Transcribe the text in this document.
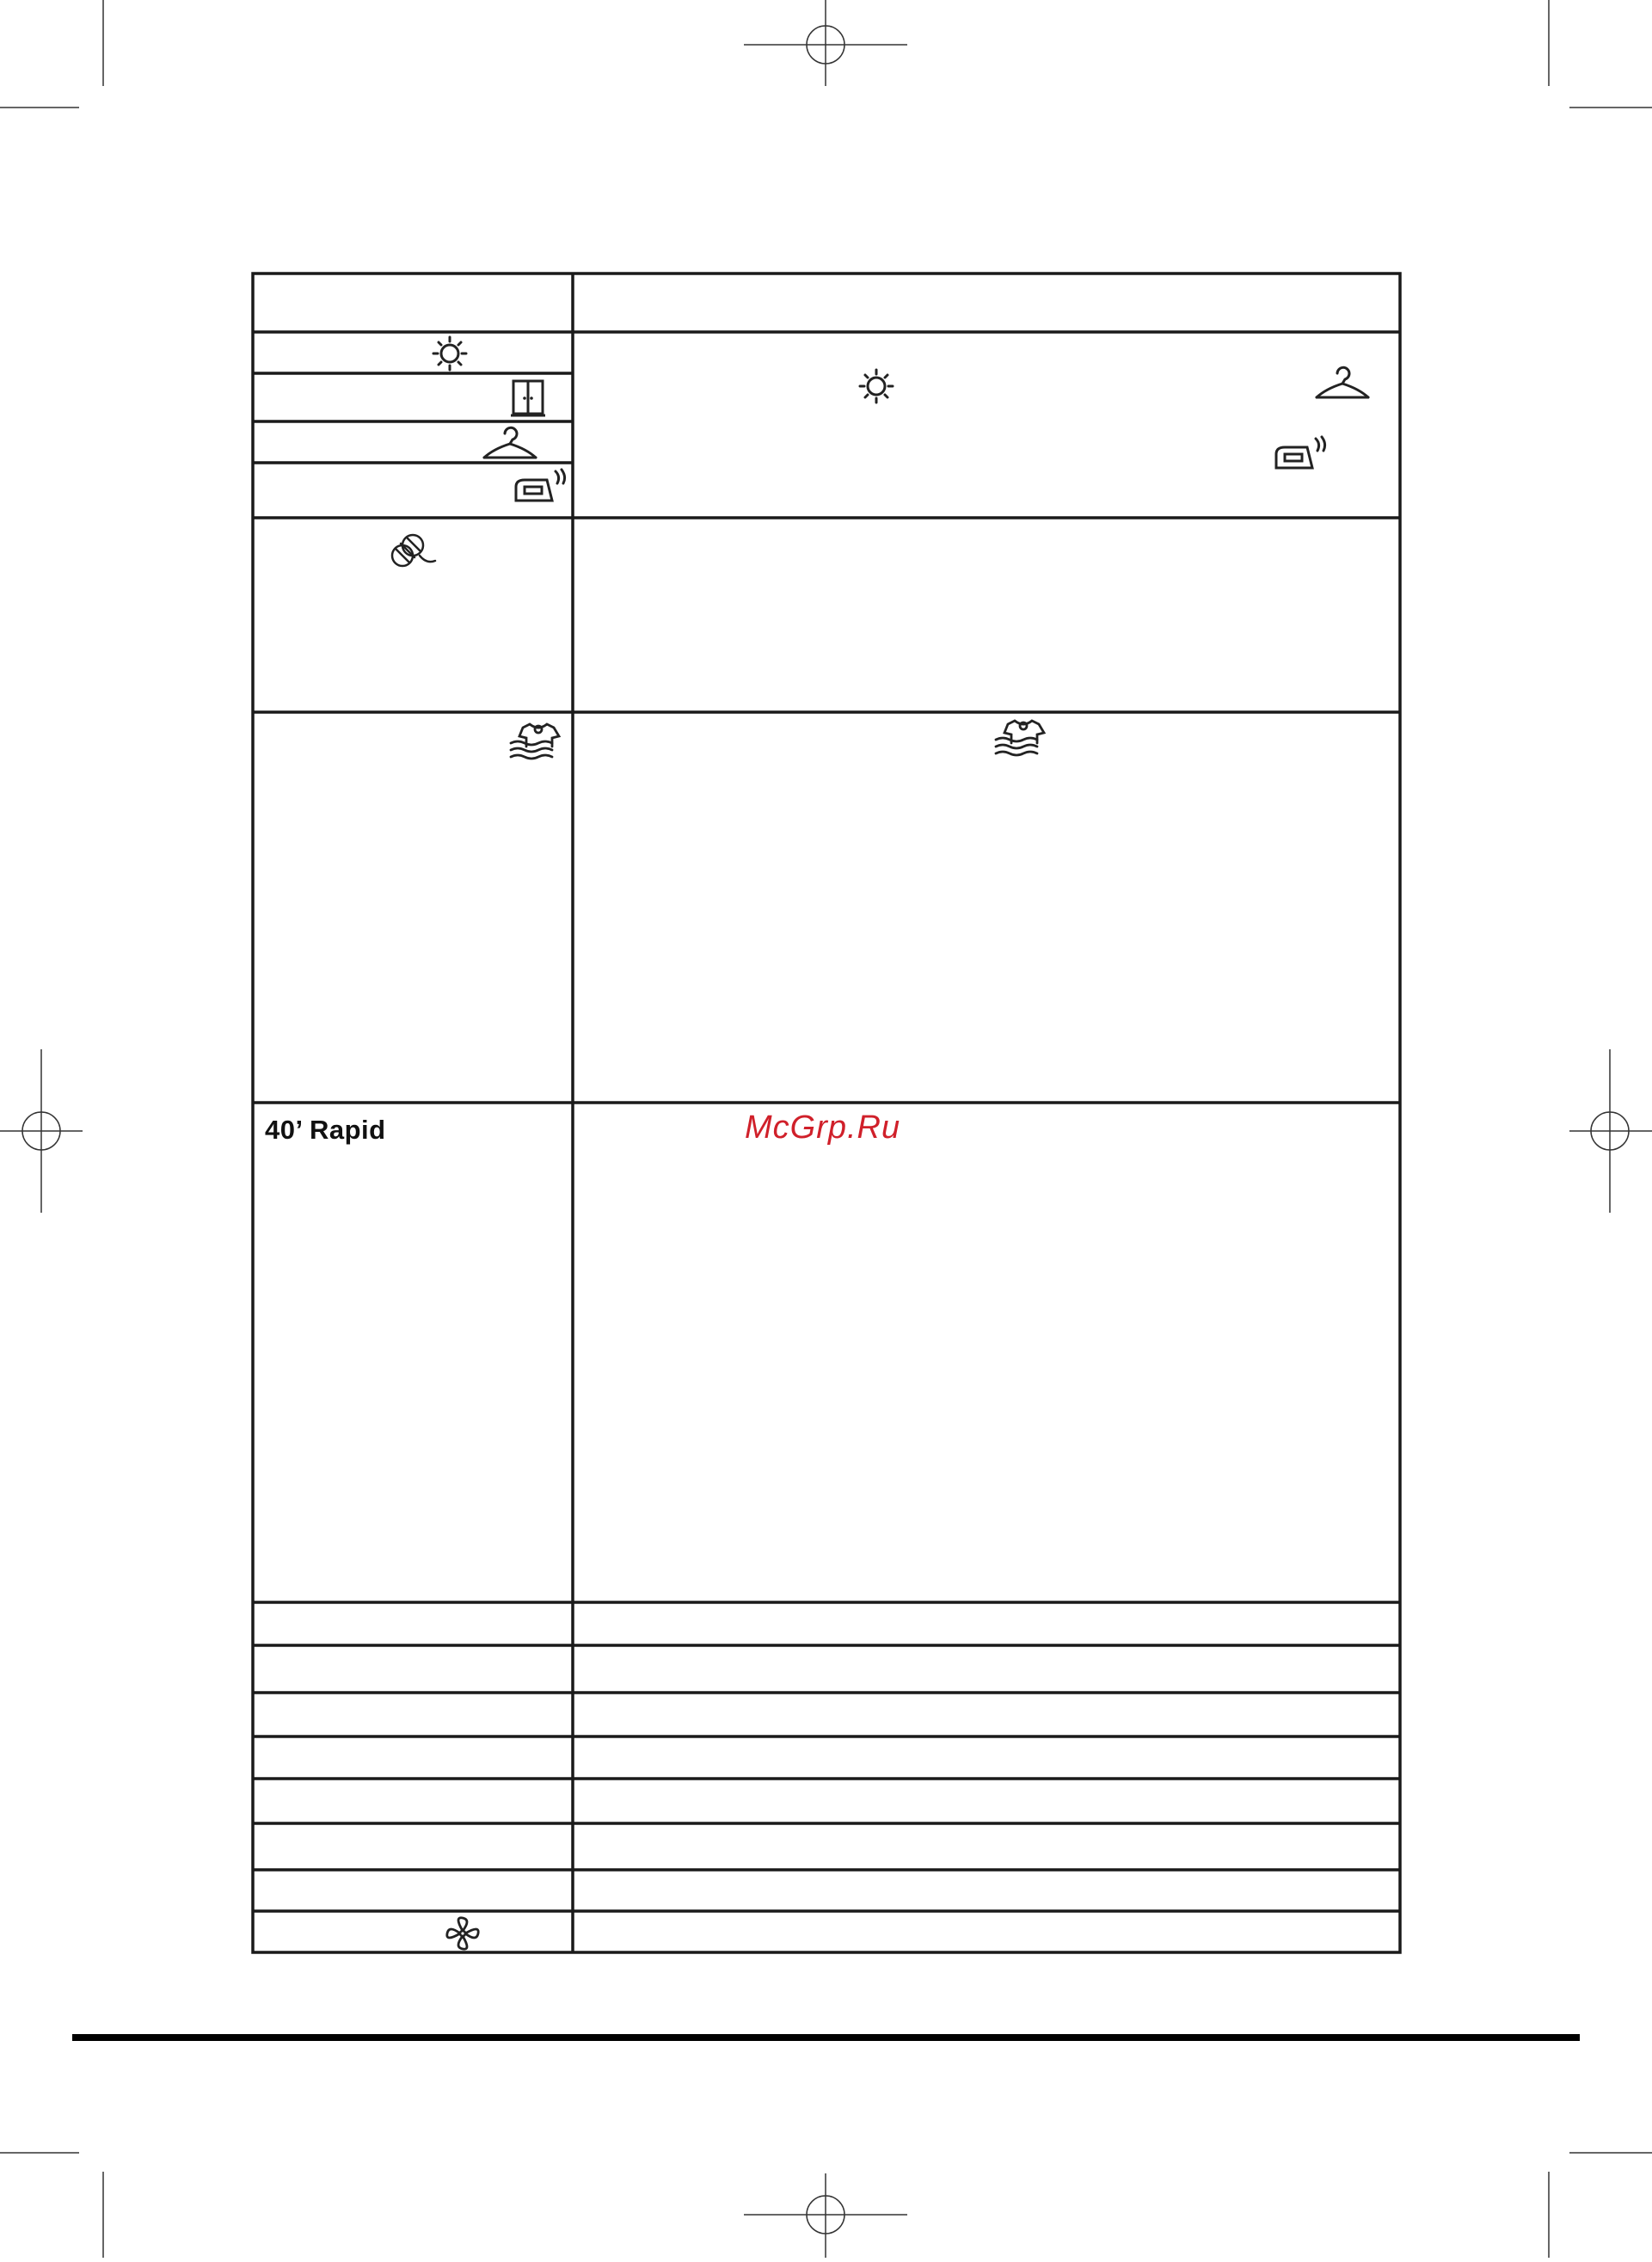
40’ Rapid	McGrp.Ru
